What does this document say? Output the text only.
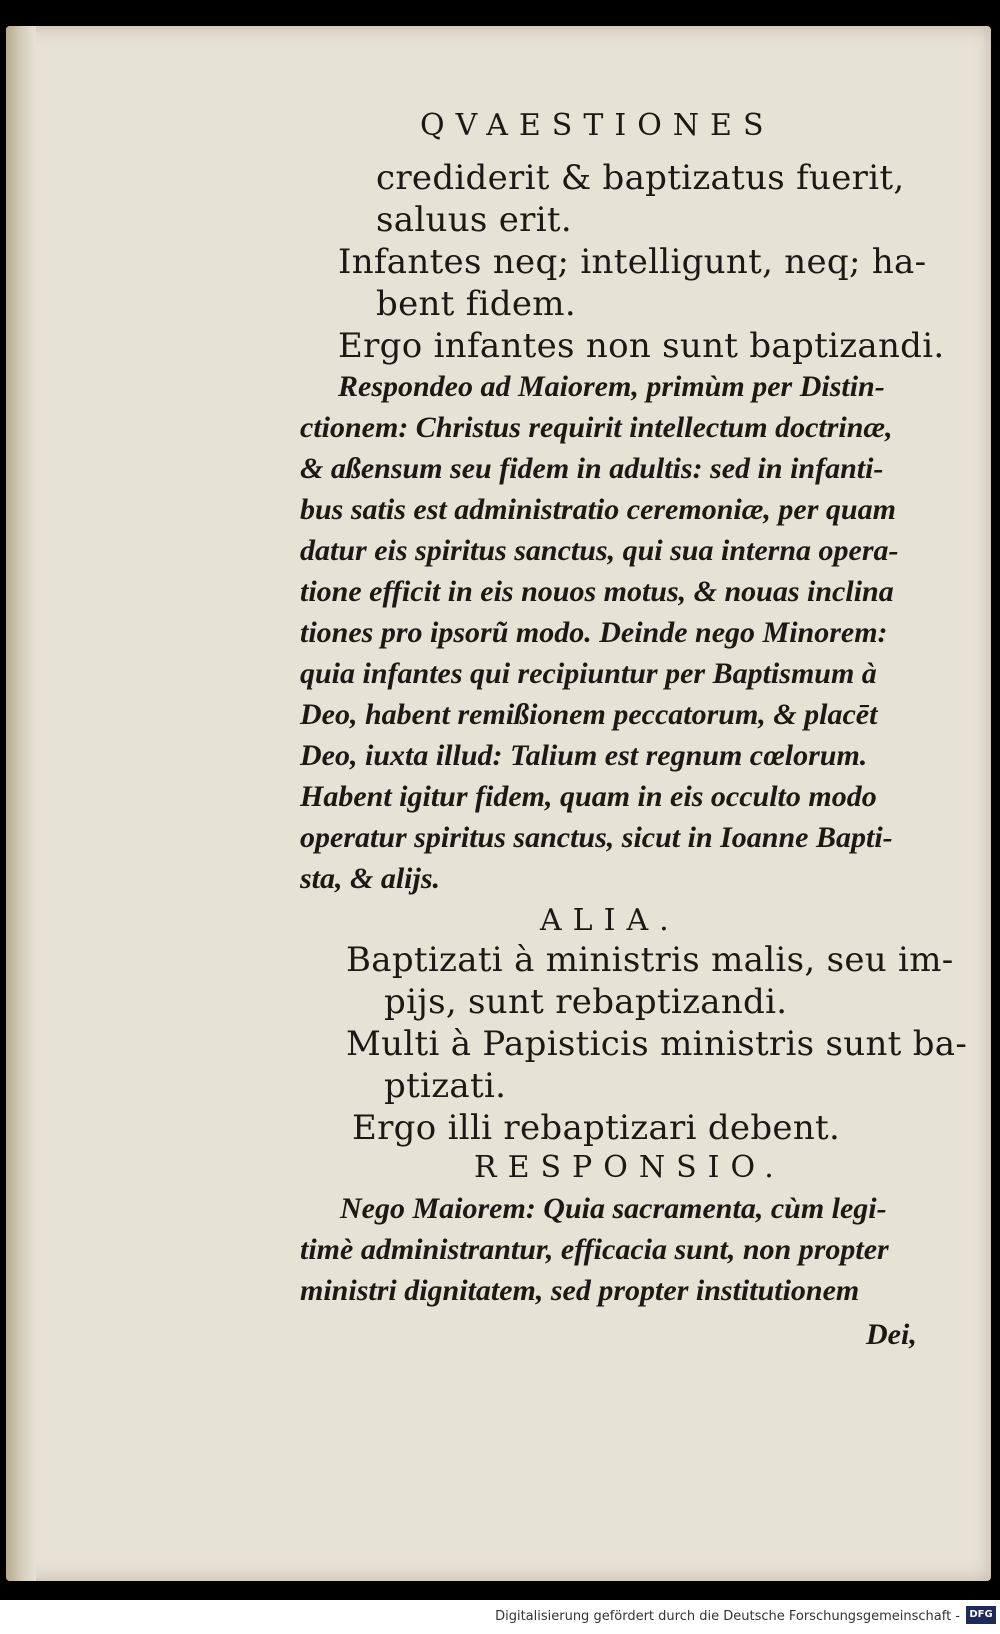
QVAESTIONES
crediderit & baptizatus fuerit,
saluus erit.
Infantes neq; intelligunt, neq; ha-
bent fidem.
Ergo infantes non sunt baptizandi.
Respondeo ad Maiorem, primùm per Distin-
ctionem: Christus requirit intellectum doctrinæ,
& aßensum seu fidem in adultis: sed in infanti-
bus satis est administratio ceremoniæ, per quam
datur eis spiritus sanctus, qui sua interna opera-
tione efficit in eis nouos motus, & nouas inclina
tiones pro ipsorũ modo. Deinde nego Minorem:
quia infantes qui recipiuntur per Baptismum à
Deo, habent remißionem peccatorum, & placēt
Deo, iuxta illud: Talium est regnum cœlorum.
Habent igitur fidem, quam in eis occulto modo
operatur spiritus sanctus, sicut in Ioanne Bapti-
sta, & alijs.
ALIA.
Baptizati à ministris malis, seu im-
pijs, sunt rebaptizandi.
Multi à Papisticis ministris sunt ba-
ptizati.
Ergo illi rebaptizari debent.
RESPONSIO.
Nego Maiorem: Quia sacramenta, cùm legi-
timè administrantur, efficacia sunt, non propter
ministri dignitatem, sed propter institutionem
Dei,
Digitalisierung gefördert durch die Deutsche Forschungsgemeinschaft - DFG
